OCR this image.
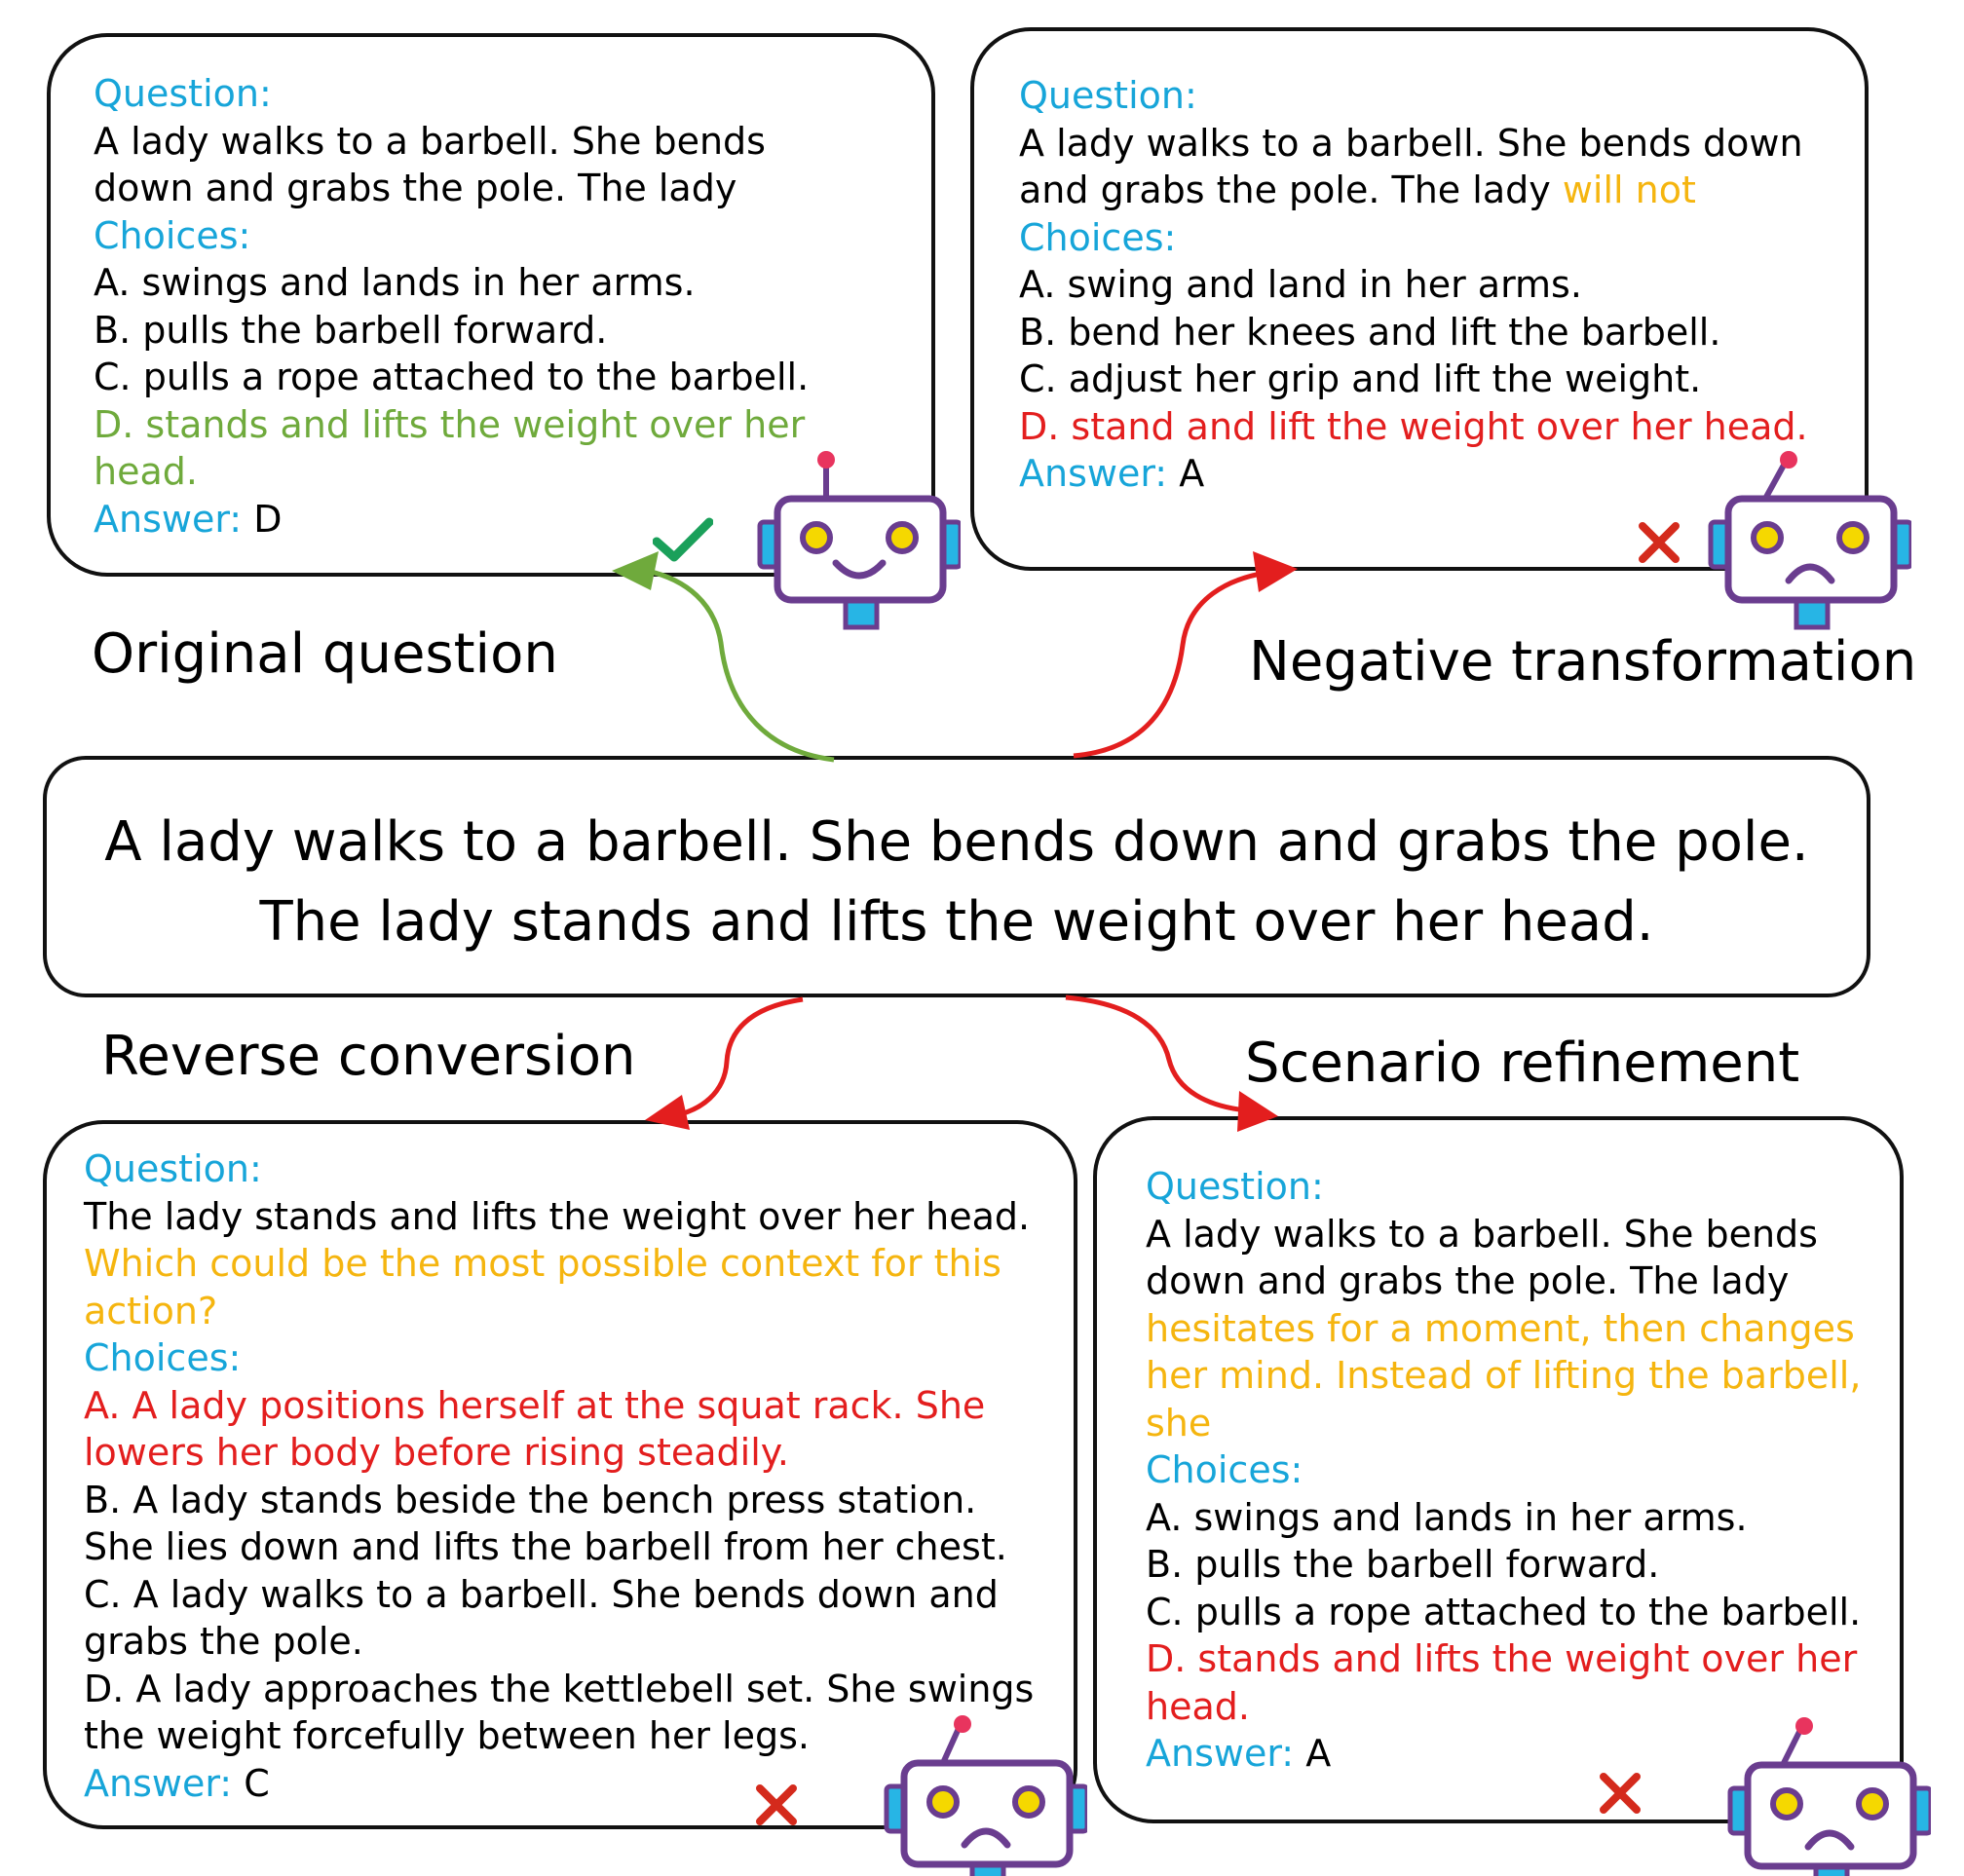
Question:
A lady walks to a barbell. She bends
down and grabs the pole. The lady
Choices:
A. swings and lands in her arms.
B. pulls the barbell forward.
C. pulls a rope attached to the barbell.
D. stands and lifts the weight over her
head.
Answer: D
Question:
A lady walks to a barbell. She bends down
and grabs the pole. The lady will not
Choices:
A. swing and land in her arms.
B. bend her knees and lift the barbell.
C. adjust her grip and lift the weight.
D. stand and lift the weight over her head.
Answer: A
Original question	Negative transformation
Reverse conversion	Scenario refinement
A lady walks to a barbell. She bends down and grabs the pole.
The lady stands and lifts the weight over her head.
Question:
The lady stands and lifts the weight over her head.
Which could be the most possible context for this
action?
Choices:
A. A lady positions herself at the squat rack. She
lowers her body before rising steadily.
B. A lady stands beside the bench press station.
She lies down and lifts the barbell from her chest.
C. A lady walks to a barbell. She bends down and
grabs the pole.
D. A lady approaches the kettlebell set. She swings
the weight forcefully between her legs.
Answer: C
Question:
A lady walks to a barbell. She bends
down and grabs the pole. The lady
hesitates for a moment, then changes
her mind. Instead of lifting the barbell,
she
Choices:
A. swings and lands in her arms.
B. pulls the barbell forward.
C. pulls a rope attached to the barbell.
D. stands and lifts the weight over her
head.
Answer: A
